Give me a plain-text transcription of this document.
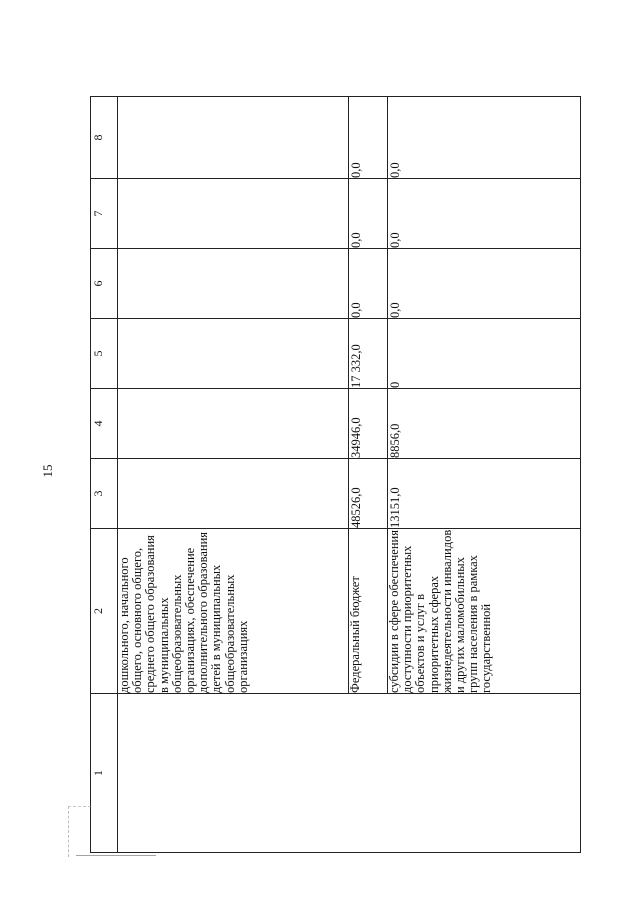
15
1	2	3	4	5	6	7	8
	дошкольного, начального общего, основного общего, среднего общего образования в муниципальных общеобразовательных организациях, обеспечение дополнительного образования детей в муниципальных общеобразовательных организациях						
	Федеральный бюджет	48526,0	34946,0	17 332,0	0,0	0,0	0,0
	субсидии в сфере обеспечения доступности приоритетных объектов и услуг в приоритетных сферах жизнедеятельности инвалидов и других маломобильных групп населения в рамках государственной	13151,0	8856,0	0	0,0	0,0	0,0
